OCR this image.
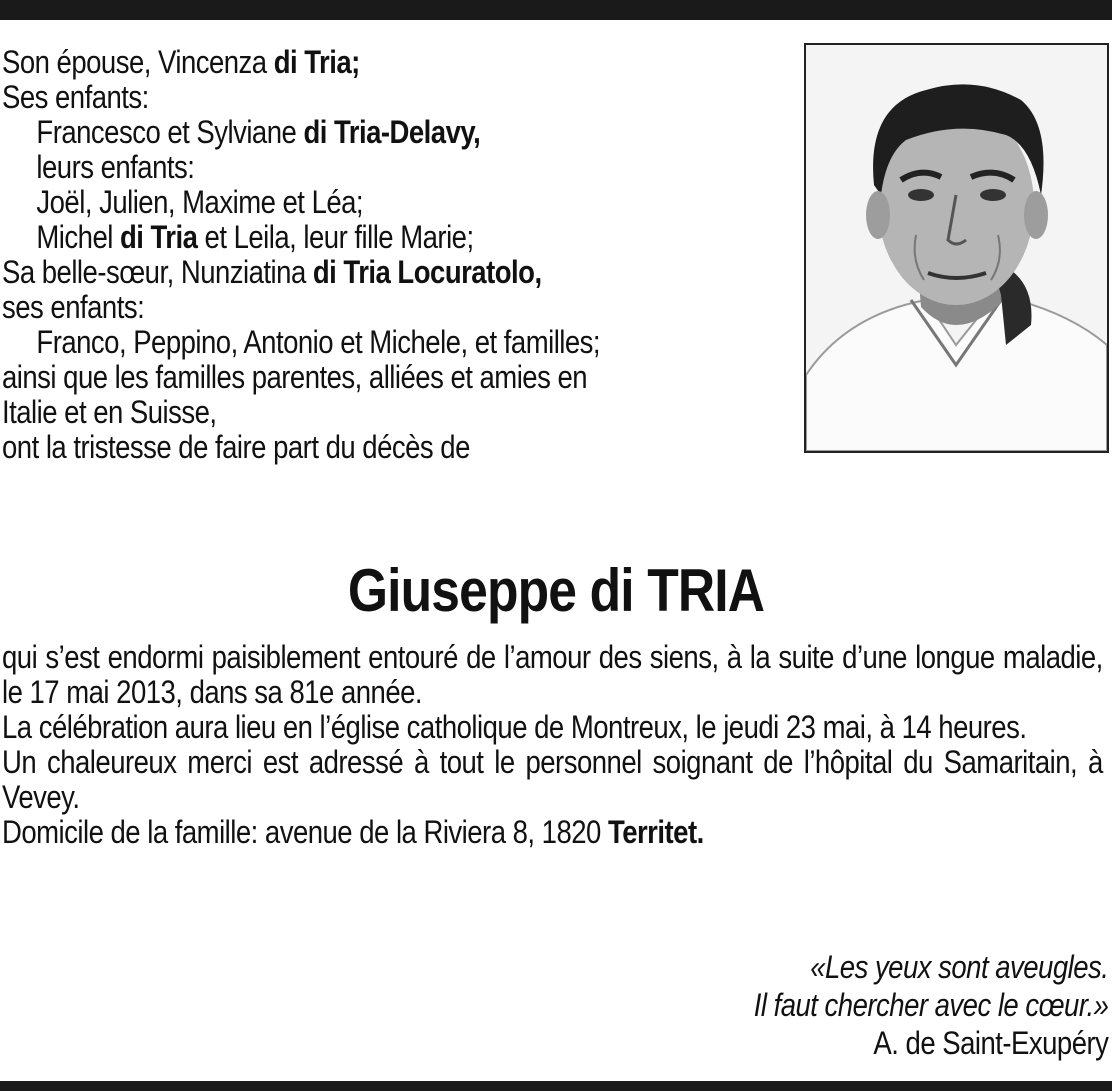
Son épouse, Vincenza di Tria;
Ses enfants:
Francesco et Sylviane di Tria-Delavy,
leurs enfants:
Joël, Julien, Maxime et Léa;
Michel di Tria et Leila, leur fille Marie;
Sa belle-sœur, Nunziatina di Tria Locuratolo,
ses enfants:
Franco, Peppino, Antonio et Michele, et familles;
ainsi que les familles parentes, alliées et amies en
Italie et en Suisse,
ont la tristesse de faire part du décès de
Giuseppe di TRIA
qui s’est endormi paisiblement entouré de l’amour des siens, à la suite d’une longue maladie, le 17 mai 2013, dans sa 81e année.
La célébration aura lieu en l’église catholique de Montreux, le jeudi 23 mai, à 14 heures.
Un chaleureux merci est adressé à tout le personnel soignant de l’hôpital du Samaritain, à Vevey.
Domicile de la famille: avenue de la Riviera 8, 1820 Territet.
«Les yeux sont aveugles.
Il faut chercher avec le cœur.»
A. de Saint-Exupéry
